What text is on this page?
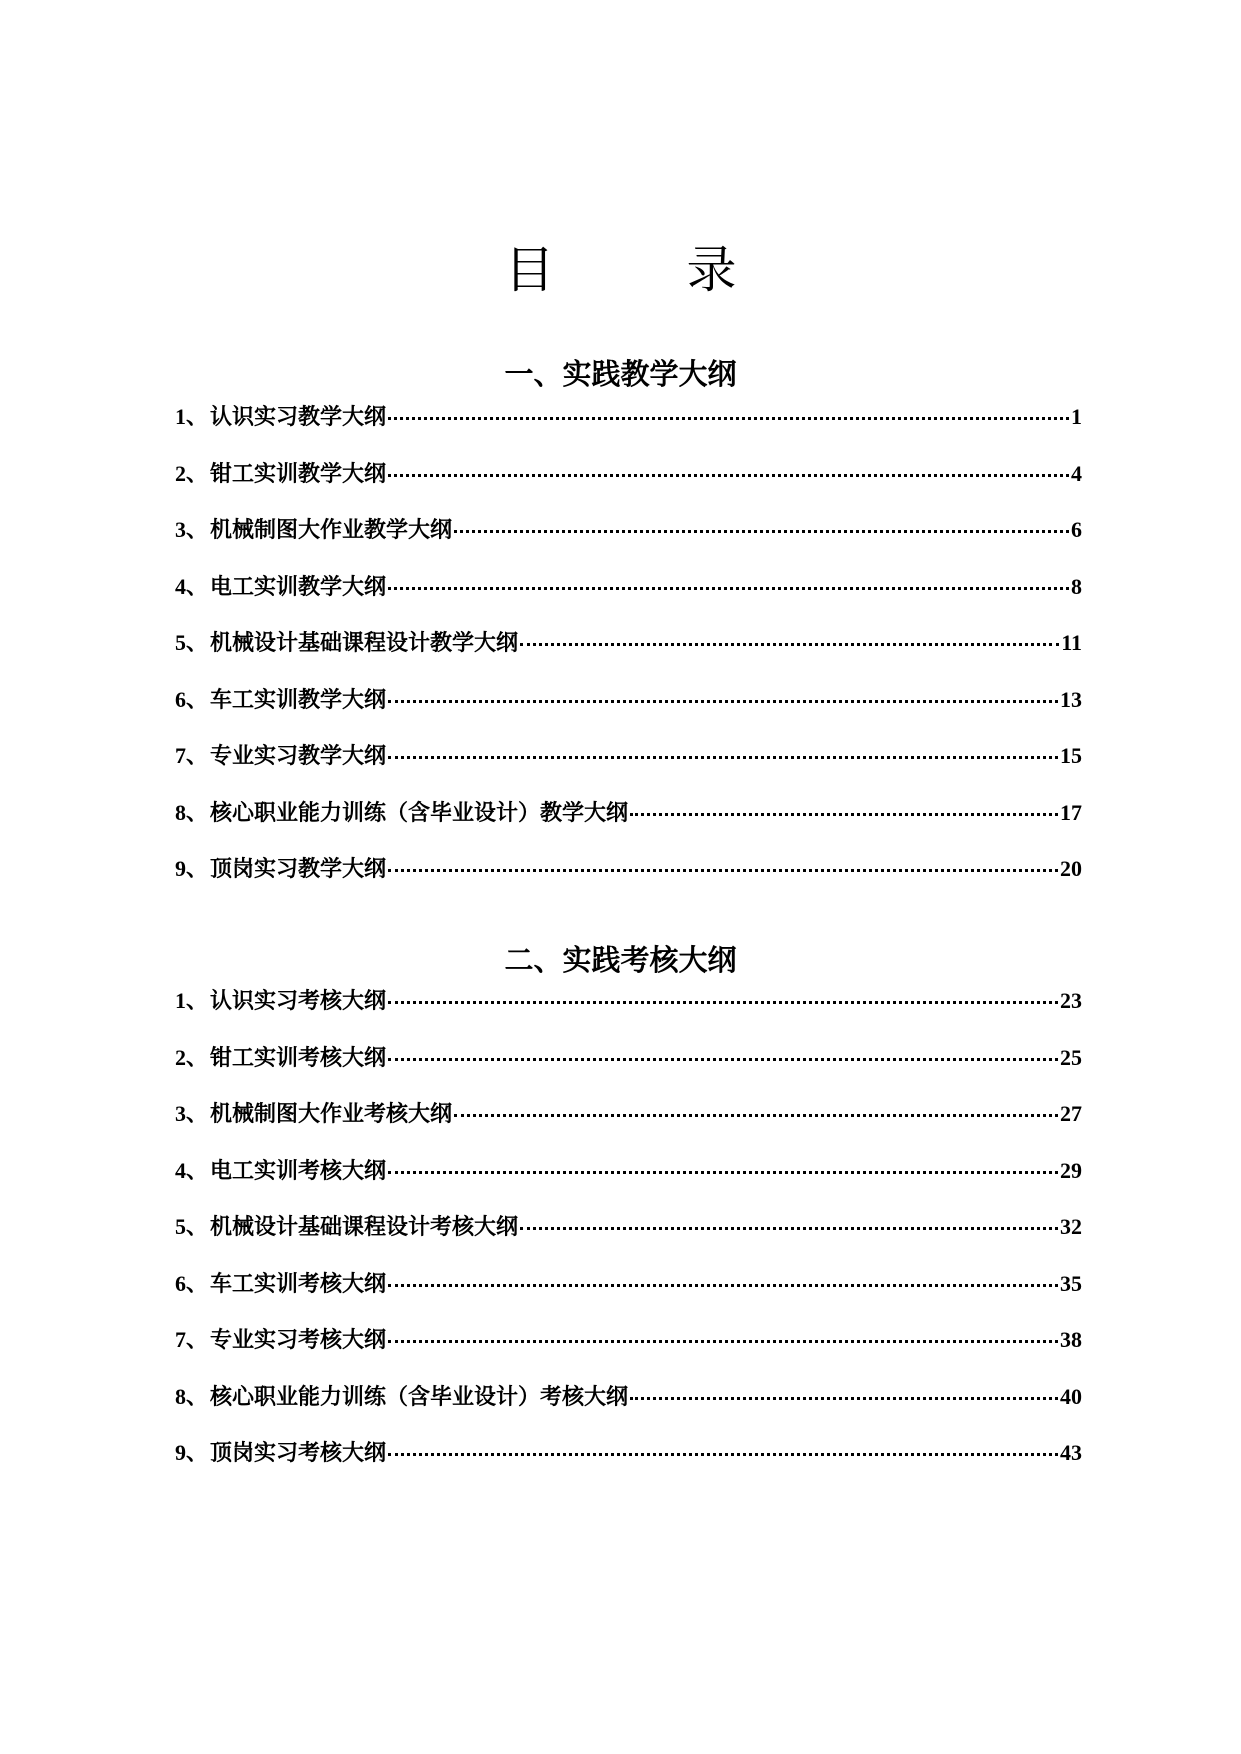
目 录
一、实践教学大纲
1 、 认识实习教学大纲	1
2 、 钳工实训教学大纲	4
3 、 机械制图大作业教学大纲	6
4 、 电工实训教学大纲	8
5 、 机械设计基础课程设计教学大纲	11
6 、 车工实训教学大纲	13
7 、 专业实习教学大纲	15
8 、 核心职业能力训练（含毕业设计）教学大纲	17
9 、 顶岗实习教学大纲	20
二、实践考核大纲
1 、 认识实习考核大纲	23
2 、 钳工实训考核大纲	25
3 、 机械制图大作业考核大纲	27
4 、 电工实训考核大纲	29
5 、 机械设计基础课程设计考核大纲	32
6 、 车工实训考核大纲	35
7 、 专业实习考核大纲	38
8 、 核心职业能力训练（含毕业设计）考核大纲	40
9 、 顶岗实习考核大纲	43
